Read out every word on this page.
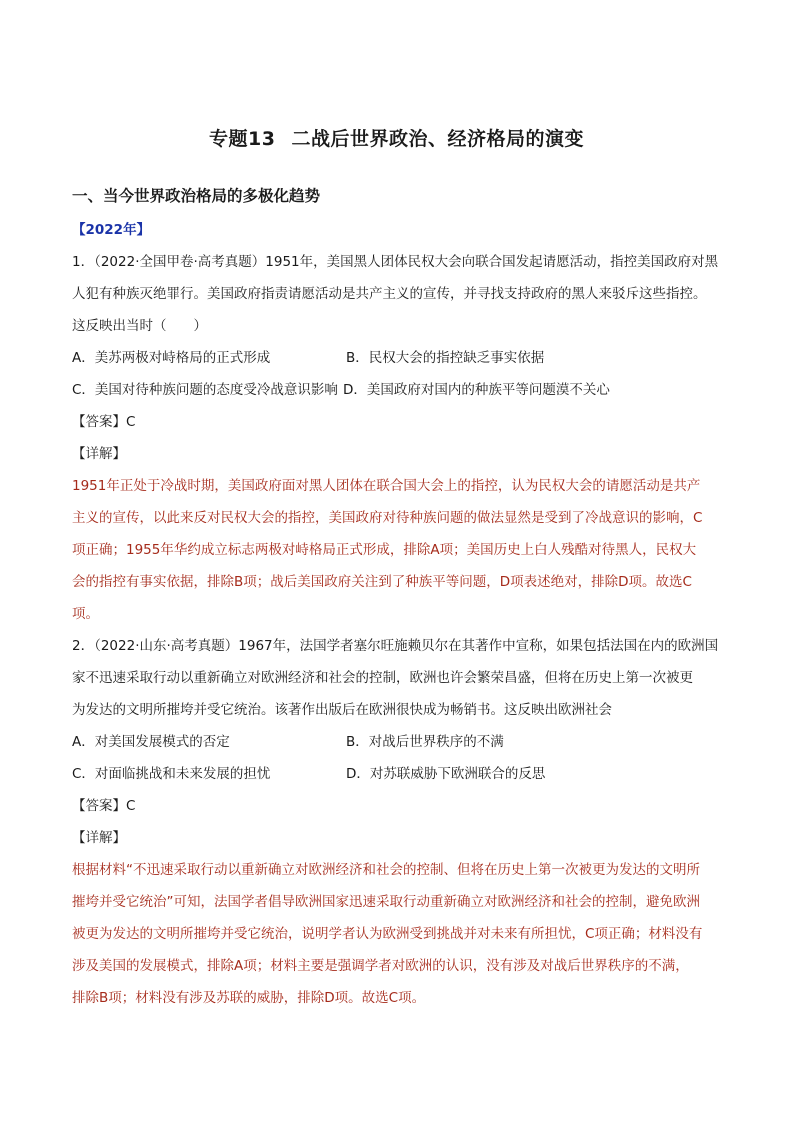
专题13 二战后世界政治、经济格局的演变
一、当今世界政治格局的多极化趋势
【2022年】
1．（2022·全国甲卷·高考真题）1951年，美国黑人团体民权大会向联合国发起请愿活动，指控美国政府对黑
人犯有种族灭绝罪行。美国政府指责请愿活动是共产主义的宣传，并寻找支持政府的黑人来驳斥这些指控。
这反映出当时（　　）
A．美苏两极对峙格局的正式形成	B．民权大会的指控缺乏事实依据
C．美国对待种族问题的态度受冷战意识影响 D．美国政府对国内的种族平等问题漠不关心
【答案】C
【详解】
1951年正处于冷战时期，美国政府面对黑人团体在联合国大会上的指控，认为民权大会的请愿活动是共产
主义的宣传，以此来反对民权大会的指控，美国政府对待种族问题的做法显然是受到了冷战意识的影响，C
项正确；1955年华约成立标志两极对峙格局正式形成，排除A项；美国历史上白人残酷对待黑人，民权大
会的指控有事实依据，排除B项；战后美国政府关注到了种族平等问题，D项表述绝对，排除D项。故选C
项。
2．（2022·山东·高考真题）1967年，法国学者塞尔旺施赖贝尔在其著作中宣称，如果包括法国在内的欧洲国
家不迅速采取行动以重新确立对欧洲经济和社会的控制，欧洲也许会繁荣昌盛，但将在历史上第一次被更
为发达的文明所摧垮并受它统治。该著作出版后在欧洲很快成为畅销书。这反映出欧洲社会
A．对美国发展模式的否定	B．对战后世界秩序的不满
C．对面临挑战和未来发展的担忧	D．对苏联威胁下欧洲联合的反思
【答案】C
【详解】
根据材料“不迅速采取行动以重新确立对欧洲经济和社会的控制、但将在历史上第一次被更为发达的文明所
摧垮并受它统治”可知，法国学者倡导欧洲国家迅速采取行动重新确立对欧洲经济和社会的控制，避免欧洲
被更为发达的文明所摧垮并受它统治，说明学者认为欧洲受到挑战并对未来有所担忧，C项正确；材料没有
涉及美国的发展模式，排除A项；材料主要是强调学者对欧洲的认识，没有涉及对战后世界秩序的不满，
排除B项；材料没有涉及苏联的威胁，排除D项。故选C项。
